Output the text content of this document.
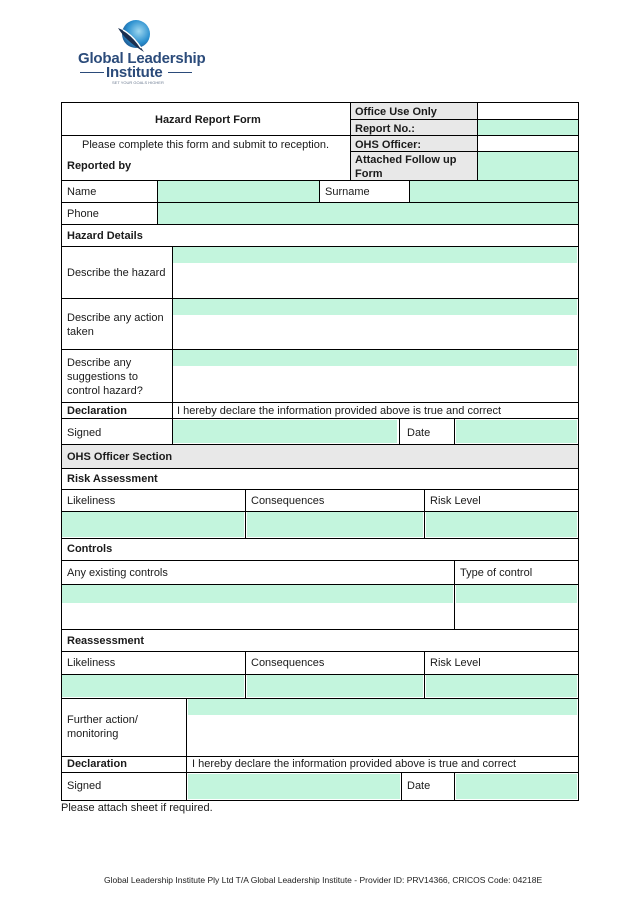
Global Leadership
Institute
SET YOUR GOALS HIGHER
Hazard Report Form
Please complete this form and submit to reception.
Reported by
Office Use Only
Report No.:
OHS Officer:
Attached Follow up Form
Name	Surname
Phone
Hazard Details
Describe the hazard
Describe any action taken
Describe any suggestions to control hazard?
Declaration	I hereby declare the information provided above is true and correct
Signed	Date
OHS Officer Section
Risk Assessment
Likeliness	Consequences	Risk Level
Controls
Any existing controls	Type of control
Reassessment
Likeliness	Consequences	Risk Level
Further action/ monitoring
Declaration	I hereby declare the information provided above is true and correct
Signed	Date
Please attach sheet if required.
Global Leadership Institute Ply Ltd T/A Global Leadership Institute - Provider ID: PRV14366, CRICOS Code: 04218E
